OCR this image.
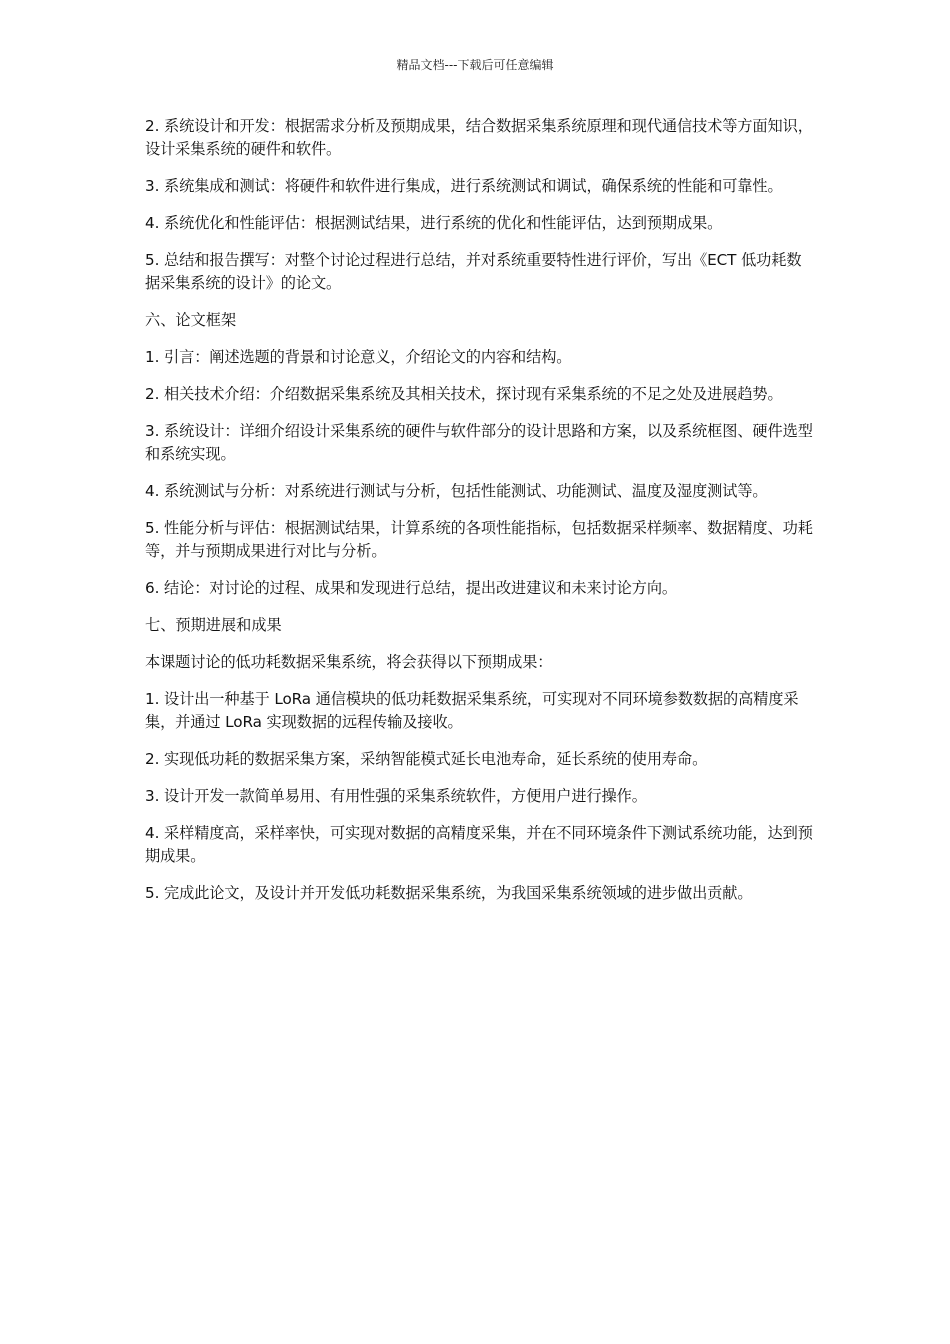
精品文档---下载后可任意编辑

2. 系统设计和开发：根据需求分析及预期成果，结合数据采集系统原理和现代通信技术等方面知识，设计采集系统的硬件和软件。

3. 系统集成和测试：将硬件和软件进行集成，进行系统测试和调试，确保系统的性能和可靠性。

4. 系统优化和性能评估：根据测试结果，进行系统的优化和性能评估，达到预期成果。

5. 总结和报告撰写：对整个讨论过程进行总结，并对系统重要特性进行评价，写出《ECT 低功耗数据采集系统的设计》的论文。

六、论文框架

1. 引言：阐述选题的背景和讨论意义，介绍论文的内容和结构。

2. 相关技术介绍：介绍数据采集系统及其相关技术，探讨现有采集系统的不足之处及进展趋势。

3. 系统设计：详细介绍设计采集系统的硬件与软件部分的设计思路和方案，以及系统框图、硬件选型和系统实现。

4. 系统测试与分析：对系统进行测试与分析，包括性能测试、功能测试、温度及湿度测试等。

5. 性能分析与评估：根据测试结果，计算系统的各项性能指标，包括数据采样频率、数据精度、功耗等，并与预期成果进行对比与分析。

6. 结论：对讨论的过程、成果和发现进行总结，提出改进建议和未来讨论方向。

七、预期进展和成果

本课题讨论的低功耗数据采集系统，将会获得以下预期成果：

1. 设计出一种基于 LoRa 通信模块的低功耗数据采集系统，可实现对不同环境参数数据的高精度采集，并通过 LoRa 实现数据的远程传输及接收。

2. 实现低功耗的数据采集方案，采纳智能模式延长电池寿命，延长系统的使用寿命。

3. 设计开发一款简单易用、有用性强的采集系统软件，方便用户进行操作。

4. 采样精度高，采样率快，可实现对数据的高精度采集，并在不同环境条件下测试系统功能，达到预期成果。

5. 完成此论文，及设计并开发低功耗数据采集系统，为我国采集系统领域的进步做出贡献。
